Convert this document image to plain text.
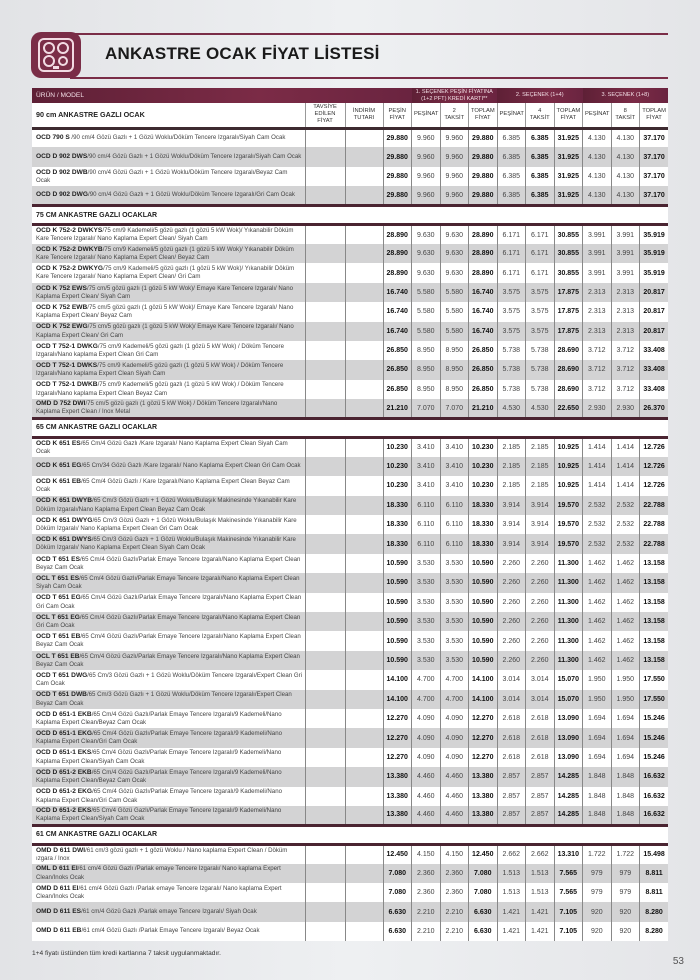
ANKASTRE OCAK FİYAT LİSTESİ
ÜRÜN / MODEL				1. SEÇENEK PEŞİN FİYATINA (1+2 PFT) KREDİ KARTI**			2. SEÇENEK (1+4)			3. SEÇENEK (1+8)		
90 cm ANKASTRE GAZLI OCAK	TAVSİYE EDİLEN FİYAT	İNDİRİM TUTARI	PEŞİN FİYAT	PEŞİNAT	2 TAKSİT	TOPLAM FİYAT	PEŞİNAT	4 TAKSİT	TOPLAM FİYAT	PEŞİNAT	8 TAKSİT	TOPLAM FİYAT
OCD 790 S /90 cm/4 Gözü Gazlı + 1 Gözü Woklu/Döküm Tencere Izgaralı/Siyah Cam Ocak			29.880	9.960	9.960	29.880	6.385	6.385	31.925	4.130	4.130	37.170
OCD D 902 DWS/90 cm/4 Gözü Gazlı + 1 Gözü Woklu/Döküm Tencere Izgaralı/Siyah Cam Ocak			29.880	9.960	9.960	29.880	6.385	6.385	31.925	4.130	4.130	37.170
OCD D 902 DWB/90 cm/4 Gözü Gazlı + 1 Gözü Woklu/Döküm Tencere Izgaralı/Beyaz Cam Ocak			29.880	9.960	9.960	29.880	6.385	6.385	31.925	4.130	4.130	37.170
OCD D 902 DWG/90 cm/4 Gözü Gazlı + 1 Gözü Woklu/Döküm Tencere Izgaralı/Gri Cam Ocak			29.880	9.960	9.960	29.880	6.385	6.385	31.925	4.130	4.130	37.170
75 CM ANKASTRE GAZLI OCAKLAR												
OCD K 752-2 DWKYS/75 cm/9 Kademeli/5 gözü gazlı (1 gözü 5 kW Wok)/ Yıkanabilir Döküm Kare Tencere Izgaralı/ Nano Kaplama Expert Clean/ Siyah Cam			28.890	9.630	9.630	28.890	6.171	6.171	30.855	3.991	3.991	35.919
OCD K 752-2 DWKYB/75 cm/9 Kademeli/5 gözü gazlı (1 gözü 5 kW Wok)/ Yıkanabilir Döküm Kare Tencere Izgaralı/ Nano Kaplama Expert Clean/ Beyaz Cam			28.890	9.630	9.630	28.890	6.171	6.171	30.855	3.991	3.991	35.919
OCD K 752-2 DWKYG/75 cm/9 Kademeli/5 gözü gazlı (1 gözü 5 kW Wok)/ Yıkanabilir Döküm Kare Tencere Izgaralı/ Nano Kaplama Expert Clean/ Gri Cam			28.890	9.630	9.630	28.890	6.171	6.171	30.855	3.991	3.991	35.919
OCD K 752 EWS/75 cm/5 gözü gazlı (1 gözü 5 kW Wok)/ Emaye Kare Tencere Izgaralı/ Nano Kaplama Expert Clean/ Siyah Cam			16.740	5.580	5.580	16.740	3.575	3.575	17.875	2.313	2.313	20.817
OCD K 752 EWB/75 cm/5 gözü gazlı (1 gözü 5 kW Wok)/ Emaye Kare Tencere Izgaralı/ Nano Kaplama Expert Clean/ Beyaz Cam			16.740	5.580	5.580	16.740	3.575	3.575	17.875	2.313	2.313	20.817
OCD K 752 EWG/75 cm/5 gözü gazlı (1 gözü 5 kW Wok)/ Emaye Kare Tencere Izgaralı/ Nano Kaplama Expert Clean/ Gri Cam			16.740	5.580	5.580	16.740	3.575	3.575	17.875	2.313	2.313	20.817
OCD T 752-1 DWKG/75 cm/9 Kademeli/5 gözü gazlı (1 gözü 5 kW Wok) / Döküm Tencere Izgaralı/Nano kaplama Expert Clean Gri Cam			26.850	8.950	8.950	26.850	5.738	5.738	28.690	3.712	3.712	33.408
OCD T 752-1 DWKS/75 cm/9 Kademeli/5 gözü gazlı (1 gözü 5 kW Wok) / Döküm Tencere Izgaralı/Nano kaplama Expert Clean Siyah Cam			26.850	8.950	8.950	26.850	5.738	5.738	28.690	3.712	3.712	33.408
OCD T 752-1 DWKB/75 cm/9 Kademeli/5 gözü gazlı (1 gözü 5 kW Wok) / Döküm Tencere Izgaralı/Nano kaplama Expert Clean Beyaz Cam			26.850	8.950	8.950	26.850	5.738	5.738	28.690	3.712	3.712	33.408
OMD D 752 DWI/75 cm/5 gözü gazlı (1 gözü 5 kW Wok) / Döküm Tencere Izgaralı/Nano Kaplama Expert Clean / Inox Metal			21.210	7.070	7.070	21.210	4.530	4.530	22.650	2.930	2.930	26.370
65 CM ANKASTRE GAZLI OCAKLAR												
OCD K 651 ES/65 Cm/4 Gözü Gazlı /Kare Izgaralı/ Nano Kaplama Expert Clean Siyah Cam Ocak			10.230	3.410	3.410	10.230	2.185	2.185	10.925	1.414	1.414	12.726
OCD K 651 EG/65 Cm/34 Gözü Gazlı /Kare Izgaralı/ Nano Kaplama Expert Clean Gri Cam Ocak			10.230	3.410	3.410	10.230	2.185	2.185	10.925	1.414	1.414	12.726
OCD K 651 EB/65 Cm/4 Gözü Gazlı / Kare Izgaralı/Nano Kaplama Expert Clean Beyaz Cam Ocak			10.230	3.410	3.410	10.230	2.185	2.185	10.925	1.414	1.414	12.726
OCD K 651 DWYB/65 Cm/3 Gözü Gazlı + 1 Gözü Woklu/Bulaşık Makinesinde Yıkanabilir Kare Döküm Izgaralı/Nano Kaplama Expert Clean Beyaz Cam Ocak			18.330	6.110	6.110	18.330	3.914	3.914	19.570	2.532	2.532	22.788
OCD K 651 DWYG/65 Cm/3 Gözü Gazlı + 1 Gözü Woklu/Bulaşık Makinesinde Yıkanabilir Kare Döküm Izgaralı/ Nano Kaplama Expert Clean Gri Cam Ocak			18.330	6.110	6.110	18.330	3.914	3.914	19.570	2.532	2.532	22.788
OCD K 651 DWYS/65 Cm/3 Gözü Gazlı + 1 Gözü Woklu/Bulaşık Makinesinde Yıkanabilir Kare Döküm Izgaralı/ Nano Kaplama Expert Clean Siyah Cam Ocak			18.330	6.110	6.110	18.330	3.914	3.914	19.570	2.532	2.532	22.788
OCD T 651 ES/65 Cm/4 Gözü Gazlı/Parlak Emaye Tencere Izgaralı/Nano Kaplama Expert Clean Beyaz Cam Ocak			10.590	3.530	3.530	10.590	2.260	2.260	11.300	1.462	1.462	13.158
OCL T 651 ES/65 Cm/4 Gözü Gazlı/Parlak Emaye Tencere Izgaralı/Nano Kaplama Expert Clean Siyah Cam Ocak			10.590	3.530	3.530	10.590	2.260	2.260	11.300	1.462	1.462	13.158
OCD T 651 EG/65 Cm/4 Gözü Gazlı/Parlak Emaye Tencere Izgaralı/Nano Kaplama Expert Clean Gri Cam Ocak			10.590	3.530	3.530	10.590	2.260	2.260	11.300	1.462	1.462	13.158
OCL T 651 EG/65 Cm/4 Gözü Gazlı/Parlak Emaye Tencere Izgaralı/Nano Kaplama Expert Clean Gri Cam Ocak			10.590	3.530	3.530	10.590	2.260	2.260	11.300	1.462	1.462	13.158
OCD T 651 EB/65 Cm/4 Gözü Gazlı/Parlak Emaye Tencere Izgaralı/Nano Kaplama Expert Clean Beyaz Cam Ocak			10.590	3.530	3.530	10.590	2.260	2.260	11.300	1.462	1.462	13.158
OCL T 651 EB/65 Cm/4 Gözü Gazlı/Parlak Emaye Tencere Izgaralı/Nano Kaplama Expert Clean Beyaz Cam Ocak			10.590	3.530	3.530	10.590	2.260	2.260	11.300	1.462	1.462	13.158
OCD T 651 DWG/65 Cm/3 Gözü Gazlı + 1 Gözü Woklu/Döküm Tencere Izgaralı/Expert Clean Gri Cam Ocak			14.100	4.700	4.700	14.100	3.014	3.014	15.070	1.950	1.950	17.550
OCD T 651 DWB/65 Cm/3 Gözü Gazlı + 1 Gözü Woklu/Döküm Tencere Izgaralı/Expert Clean Beyaz Cam Ocak			14.100	4.700	4.700	14.100	3.014	3.014	15.070	1.950	1.950	17.550
OCD D 651-1 EKB/65 Cm/4 Gözü Gazlı/Parlak Emaye Tencere Izgaralı/9 Kademeli/Nano Kaplama Expert Clean/Beyaz Cam Ocak			12.270	4.090	4.090	12.270	2.618	2.618	13.090	1.694	1.694	15.246
OCD D 651-1 EKG/65 Cm/4 Gözü Gazlı/Parlak Emaye Tencere Izgaralı/9 Kademeli/Nano Kaplama Expert Clean/Gri Cam Ocak			12.270	4.090	4.090	12.270	2.618	2.618	13.090	1.694	1.694	15.246
OCD D 651-1 EKS/65 Cm/4 Gözü Gazlı/Parlak Emaye Tencere Izgaralı/9 Kademeli/Nano Kaplama Expert Clean/Siyah Cam Ocak			12.270	4.090	4.090	12.270	2.618	2.618	13.090	1.694	1.694	15.246
OCD D 651-2 EKB/65 Cm/4 Gözü Gazlı/Parlak Emaye Tencere Izgaralı/9 Kademeli/Nano Kaplama Expert Clean/Beyaz Cam Ocak			13.380	4.460	4.460	13.380	2.857	2.857	14.285	1.848	1.848	16.632
OCD D 651-2 EKG/65 Cm/4 Gözü Gazlı/Parlak Emaye Tencere Izgaralı/9 Kademeli/Nano Kaplama Expert Clean/Gri Cam Ocak			13.380	4.460	4.460	13.380	2.857	2.857	14.285	1.848	1.848	16.632
OCD D 651-2 EKS/65 Cm/4 Gözü Gazlı/Parlak Emaye Tencere Izgaralı/9 Kademeli/Nano Kaplama Expert Clean/Siyah Cam Ocak			13.380	4.460	4.460	13.380	2.857	2.857	14.285	1.848	1.848	16.632
61 CM ANKASTRE GAZLI OCAKLAR												
OMD D 611 DWI/61 cm/3 gözü gazlı + 1 gözü Woklu / Nano kaplama Expert Clean / Döküm ızgara / Inox			12.450	4.150	4.150	12.450	2.662	2.662	13.310	1.722	1.722	15.498
OML D 611 EI/61 cm/4 Gözü Gazlı /Parlak emaye Tencere Izgaralı/ Nano kaplama Expert Clean/Inoks Ocak			7.080	2.360	2.360	7.080	1.513	1.513	7.565	979	979	8.811
OMD D 611 EI/61 cm/4 Gözü Gazlı /Parlak emaye Tencere Izgaralı/ Nano kaplama Expert Clean/Inoks Ocak			7.080	2.360	2.360	7.080	1.513	1.513	7.565	979	979	8.811
OMD D 611 ES/61 cm/4 Gözü Gazlı /Parlak emaye Tencere Izgaralı/ Siyah Ocak			6.630	2.210	2.210	6.630	1.421	1.421	7.105	920	920	8.280
OMD D 611 EB/61 cm/4 Gözü Gazlı /Parlak Emaye Tencere Izgaralı/ Beyaz Ocak			6.630	2.210	2.210	6.630	1.421	1.421	7.105	920	920	8.280
1+4 fiyatı üstünden tüm kredi kartlarına 7 taksit uygulanmaktadır.
53
